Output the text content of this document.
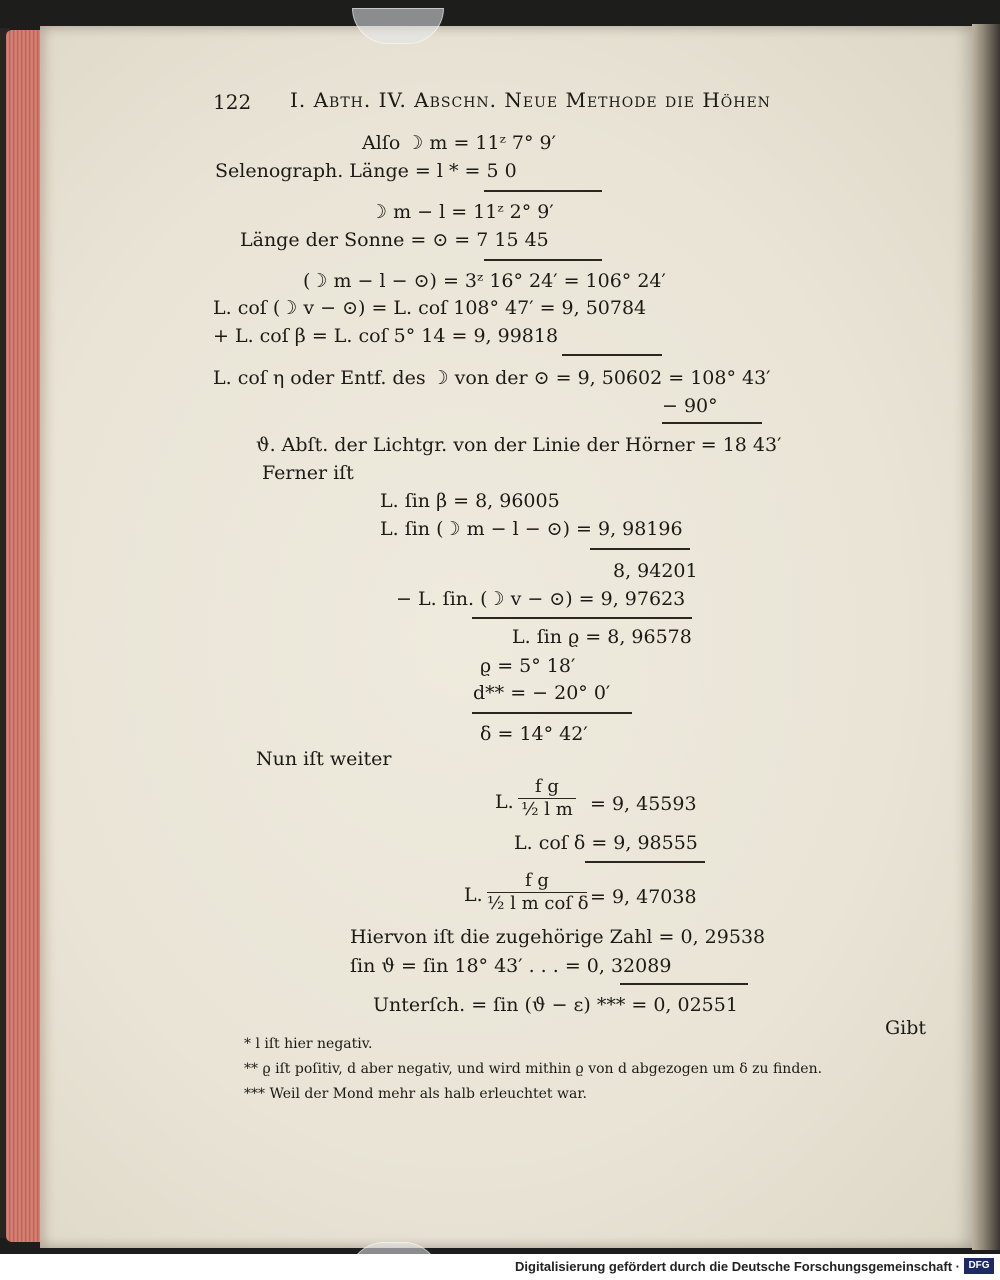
122 I. Abth. IV. Abschn. Neue Methode die Höhen
Alſo ☽ m = 11ᶻ 7° 9′
Selenograph. Länge = l * = 5 0
☽ m − l = 11ᶻ 2° 9′
Länge der Sonne = ⊙ = 7 15 45
(☽ m − l − ⊙) = 3ᶻ 16° 24′ = 106° 24′
L. coſ (☽ v − ⊙) = L. coſ 108° 47′ = 9, 50784
+ L. coſ β = L. coſ 5° 14 = 9, 99818
L. coſ η oder Entf. des ☽ von der ⊙ = 9, 50602 = 108° 43′
− 90°
ϑ. Abſt. der Lichtgr. von der Linie der Hörner = 18 43′
Ferner iſt
L. ſin β = 8, 96005
L. ſin (☽ m − l − ⊙) = 9, 98196
8, 94201
− L. ſin. (☽ v − ⊙) = 9, 97623
L. ſin ϱ = 8, 96578
ϱ = 5° 18′
d** = − 20° 0′
δ = 14° 42′
Nun iſt weiter
L. $\frac{\text{f g}}{\text{½ l m}} = 9$, 45593
L. coſ δ = 9, 98555
L.
f g
½ l m coſ δ = 9, 47038
Hiervon iſt die zugehörige Zahl = 0, 29538
ſin ϑ = ſin 18° 43′ . . . = 0, 32089
Unterſch. = ſin (ϑ − ε) *** = 0, 02551
Gibt
* l iſt hier negativ.
** ϱ iſt poſitiv, d aber negativ, und wird mithin ϱ von d abgezogen um δ zu finden.
*** Weil der Mond mehr als halb erleuchtet war.
Digitalisierung gefördert durch die Deutsche Forschungsgemeinschaft · DFG
